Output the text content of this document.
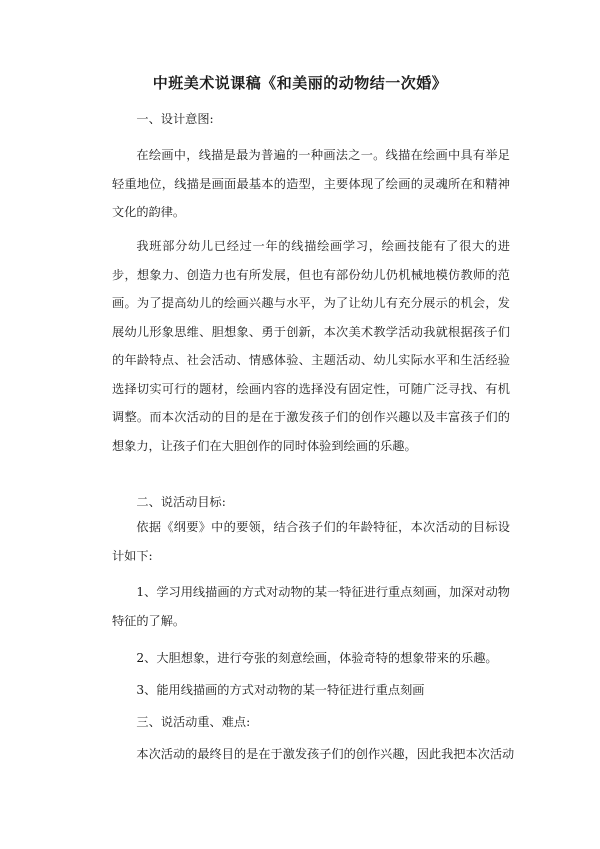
中班美术说课稿《和美丽的动物结一次婚》

一、设计意图:

在绘画中，线描是最为普遍的一种画法之一。线描在绘画中具有举足轻重地位，线描是画面最基本的造型，主要体现了绘画的灵魂所在和精神文化的韵律。

我班部分幼儿已经过一年的线描绘画学习，绘画技能有了很大的进步，想象力、创造力也有所发展，但也有部份幼儿仍机械地模仿教师的范画。为了提高幼儿的绘画兴趣与水平，为了让幼儿有充分展示的机会，发展幼儿形象思维、胆想象、勇于创新，本次美术教学活动我就根据孩子们的年龄特点、社会活动、情感体验、主题活动、幼儿实际水平和生活经验选择切实可行的题材，绘画内容的选择没有固定性，可随广泛寻找、有机调整。而本次活动的目的是在于激发孩子们的创作兴趣以及丰富孩子们的想象力，让孩子们在大胆创作的同时体验到绘画的乐趣。

二、说活动目标:

依据《纲要》中的要领，结合孩子们的年龄特征，本次活动的目标设计如下:

1、学习用线描画的方式对动物的某一特征进行重点刻画，加深对动物特征的了解。

2、大胆想象，进行夸张的刻意绘画，体验奇特的想象带来的乐趣。

3、能用线描画的方式对动物的某一特征进行重点刻画

三、说活动重、难点:

本次活动的最终目的是在于激发孩子们的创作兴趣，因此我把本次活动
